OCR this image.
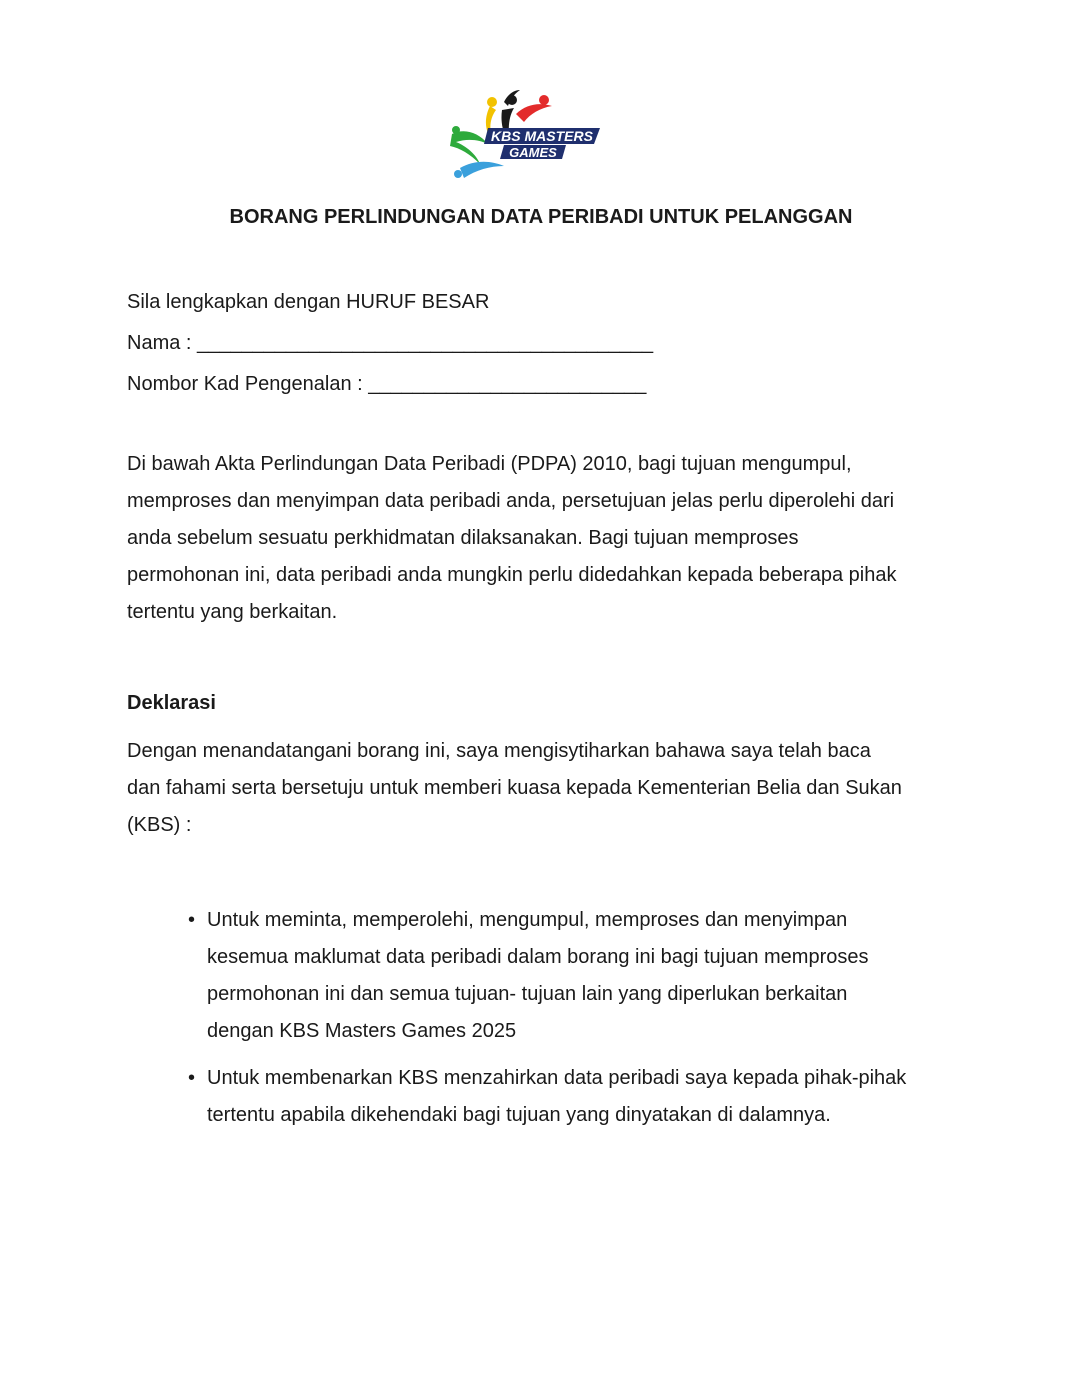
KBS MASTERS
GAMES
BORANG PERLINDUNGAN DATA PERIBADI UNTUK PELANGGAN
Sila lengkapkan dengan HURUF BESAR
Nama : _________________________________________
Nombor Kad Pengenalan : _________________________

Di bawah Akta Perlindungan Data Peribadi (PDPA) 2010, bagi tujuan mengumpul,

memproses dan menyimpan data peribadi anda, persetujuan jelas perlu diperolehi dari

anda sebelum sesuatu perkhidmatan dilaksanakan. Bagi tujuan memproses

permohonan ini, data peribadi anda mungkin perlu didedahkan kepada beberapa pihak

tertentu yang berkaitan.

Deklarasi

Dengan menandatangani borang ini, saya mengisytiharkan bahawa saya telah baca

dan fahami serta bersetuju untuk memberi kuasa kepada Kementerian Belia dan Sukan

(KBS) :

• Untuk meminta, memperolehi, mengumpul, memproses dan menyimpan
kesemua maklumat data peribadi dalam borang ini bagi tujuan memproses
permohonan ini dan semua tujuan- tujuan lain yang diperlukan berkaitan
dengan KBS Masters Games 2025
• Untuk membenarkan KBS menzahirkan data peribadi saya kepada pihak-pihak
tertentu apabila dikehendaki bagi tujuan yang dinyatakan di dalamnya.
